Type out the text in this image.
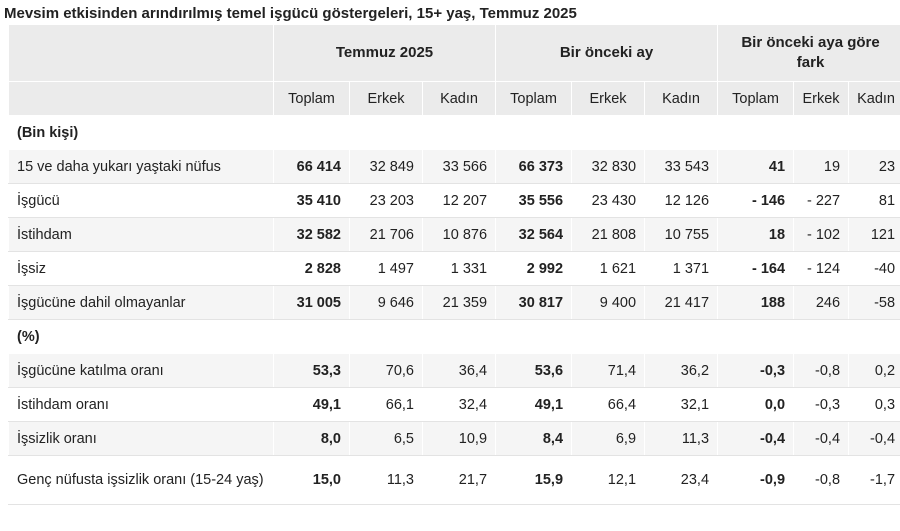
Mevsim etkisinden arındırılmış temel işgücü göstergeleri, 15+ yaş, Temmuz 2025
	Temmuz 2025			Bir önceki ay			Bir önceki aya göre fark		
	Toplam	Erkek	Kadın	Toplam	Erkek	Kadın	Toplam	Erkek	Kadın
(Bin kişi)									
15 ve daha yukarı yaştaki nüfus	66 414	32 849	33 566	66 373	32 830	33 543	41	19	23
İşgücü	35 410	23 203	12 207	35 556	23 430	12 126	- 146	- 227	81
İstihdam	32 582	21 706	10 876	32 564	21 808	10 755	18	- 102	121
İşsiz	2 828	1 497	1 331	2 992	1 621	1 371	- 164	- 124	-40
İşgücüne dahil olmayanlar	31 005	9 646	21 359	30 817	9 400	21 417	188	246	-58
(%)									
İşgücüne katılma oranı	53,3	70,6	36,4	53,6	71,4	36,2	-0,3	-0,8	0,2
İstihdam oranı	49,1	66,1	32,4	49,1	66,4	32,1	0,0	-0,3	0,3
İşsizlik oranı	8,0	6,5	10,9	8,4	6,9	11,3	-0,4	-0,4	-0,4
Genç nüfusta işsizlik oranı (15-24 yaş)	15,0	11,3	21,7	15,9	12,1	23,4	-0,9	-0,8	-1,7
